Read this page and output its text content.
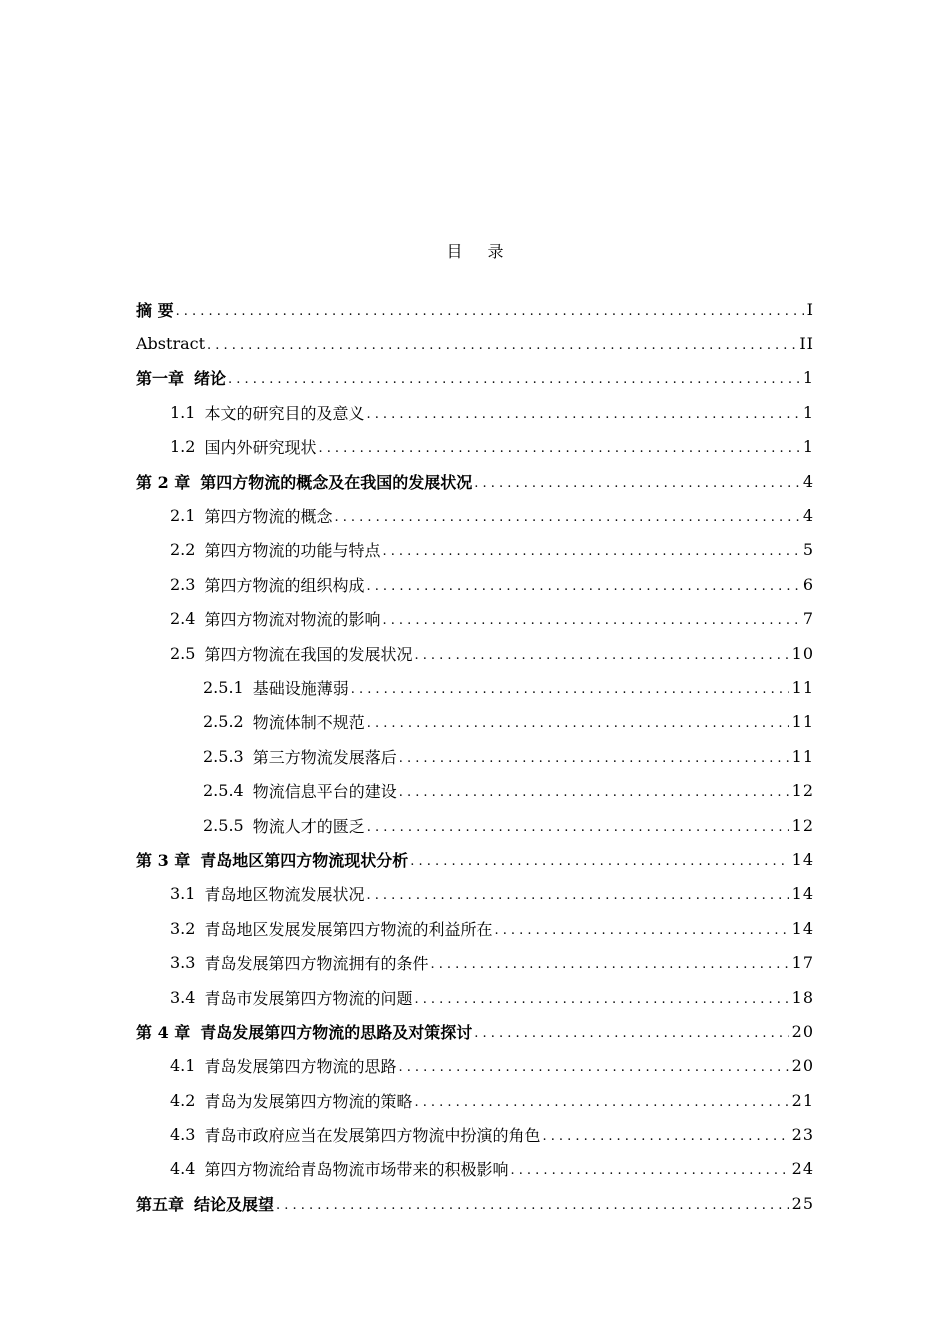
目 录
摘 要 .....	I
Abstract .....	II
第一章 绪论 .....	1
1.1 本文的研究目的及意义 .....	1
1.2 国内外研究现状 .....	1
第 2 章 第四方物流的概念及在我国的发展状况 .....	4
2.1 第四方物流的概念 .....	4
2.2 第四方物流的功能与特点 .....	5
2.3 第四方物流的组织构成 .....	6
2.4 第四方物流对物流的影响 .....	7
2.5 第四方物流在我国的发展状况 .....	10
2.5.1 基础设施薄弱 .....	11
2.5.2 物流体制不规范 .....	11
2.5.3 第三方物流发展落后 .....	11
2.5.4 物流信息平台的建设 .....	12
2.5.5 物流人才的匮乏 .....	12
第 3 章 青岛地区第四方物流现状分析 .....	14
3.1 青岛地区物流发展状况 .....	14
3.2 青岛地区发展发展第四方物流的利益所在 .....	14
3.3 青岛发展第四方物流拥有的条件 .....	17
3.4 青岛市发展第四方物流的问题 .....	18
第 4 章 青岛发展第四方物流的思路及对策探讨 .....	20
4.1 青岛发展第四方物流的思路 .....	20
4.2 青岛为发展第四方物流的策略 .....	21
4.3 青岛市政府应当在发展第四方物流中扮演的角色 .....	23
4.4 第四方物流给青岛物流市场带来的积极影响 .....	24
第五章 结论及展望 .....	25
